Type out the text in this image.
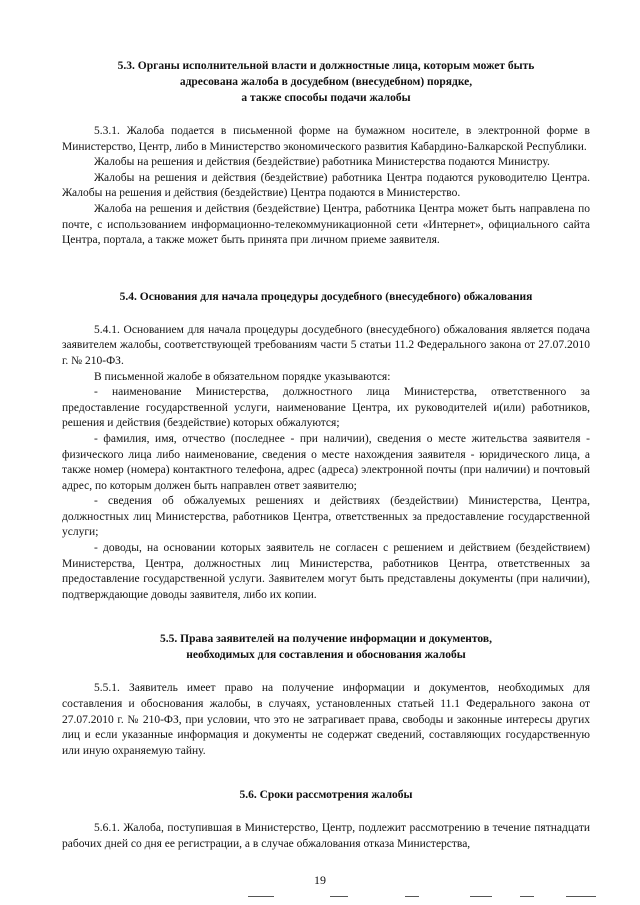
5.3. Органы исполнительной власти и должностные лица, которым может быть
адресована жалоба в досудебном (внесудебном) порядке,
а также способы подачи жалобы

5.3.1. Жалоба подается в письменной форме на бумажном носителе, в электронной форме в Министерство, Центр, либо в Министерство экономического развития Кабардино-Балкарской Республики.

Жалобы на решения и действия (бездействие) работника Министерства подаются Министру.

Жалобы на решения и действия (бездействие) работника Центра подаются руководителю Центра. Жалобы на решения и действия (бездействие) Центра подаются в Министерство.

Жалоба на решения и действия (бездействие) Центра, работника Центра может быть направлена по почте, с использованием информационно-телекоммуникационной сети «Интернет», официального сайта Центра, портала, а также может быть принята при личном приеме заявителя.

5.4. Основания для начала процедуры досудебного (внесудебного) обжалования

5.4.1. Основанием для начала процедуры досудебного (внесудебного) обжалования является подача заявителем жалобы, соответствующей требованиям части 5 статьи 11.2 Федерального закона от 27.07.2010 г. № 210-ФЗ.

В письменной жалобе в обязательном порядке указываются:

- наименование Министерства, должностного лица Министерства, ответственного за предоставление государственной услуги, наименование Центра, их руководителей и(или) работников, решения и действия (бездействие) которых обжалуются;

- фамилия, имя, отчество (последнее - при наличии), сведения о месте жительства заявителя - физического лица либо наименование, сведения о месте нахождения заявителя - юридического лица, а также номер (номера) контактного телефона, адрес (адреса) электронной почты (при наличии) и почтовый адрес, по которым должен быть направлен ответ заявителю;

- сведения об обжалуемых решениях и действиях (бездействии) Министерства, Центра, должностных лиц Министерства, работников Центра, ответственных за предоставление государственной услуги;

- доводы, на основании которых заявитель не согласен с решением и действием (бездействием) Министерства, Центра, должностных лиц Министерства, работников Центра, ответственных за предоставление государственной услуги. Заявителем могут быть представлены документы (при наличии), подтверждающие доводы заявителя, либо их копии.

5.5. Права заявителей на получение информации и документов,
необходимых для составления и обоснования жалобы

5.5.1. Заявитель имеет право на получение информации и документов, необходимых для составления и обоснования жалобы, в случаях, установленных статьей 11.1 Федерального закона от 27.07.2010 г. № 210-ФЗ, при условии, что это не затрагивает права, свободы и законные интересы других лиц и если указанные информация и документы не содержат сведений, составляющих государственную или иную охраняемую тайну.

5.6. Сроки рассмотрения жалобы

5.6.1. Жалоба, поступившая в Министерство, Центр, подлежит рассмотрению в течение пятнадцати рабочих дней со дня ее регистрации, а в случае обжалования отказа Министерства,

19
